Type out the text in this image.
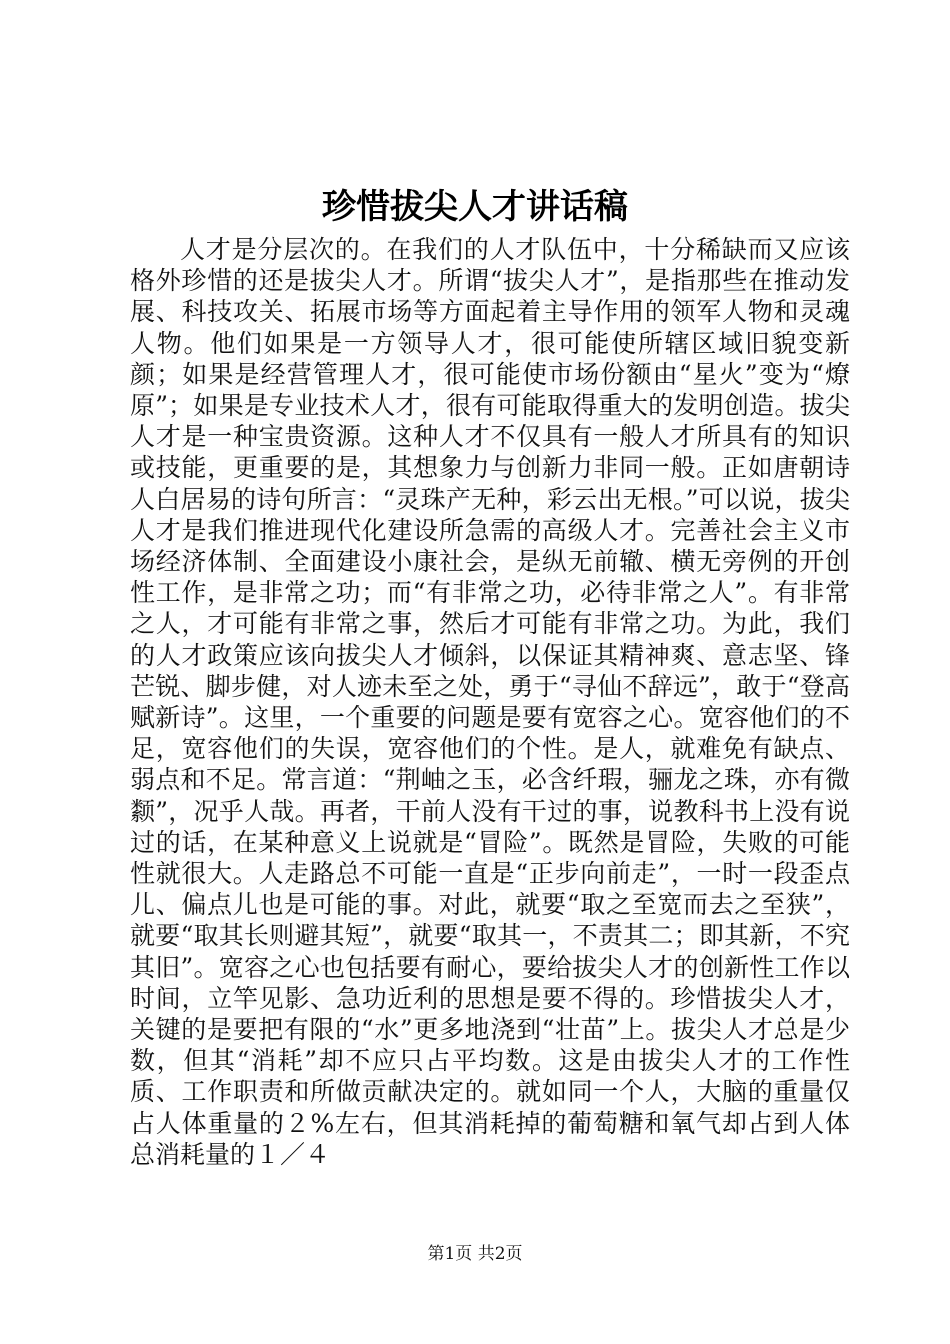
珍惜拔尖人才讲话稿

人才是分层次的。在我们的人才队伍中，十分稀缺而又应该格外珍惜的还是拔尖人才。所谓“拔尖人才”，是指那些在推动发展、科技攻关、拓展市场等方面起着主导作用的领军人物和灵魂人物。他们如果是一方领导人才，很可能使所辖区域旧貌变新颜；如果是经营管理人才，很可能使市场份额由“星火”变为“燎原”；如果是专业技术人才，很有可能取得重大的发明创造。拔尖人才是一种宝贵资源。这种人才不仅具有一般人才所具有的知识或技能，更重要的是，其想象力与创新力非同一般。正如唐朝诗人白居易的诗句所言：“灵珠产无种，彩云出无根。”可以说，拔尖人才是我们推进现代化建设所急需的高级人才。完善社会主义市场经济体制、全面建设小康社会，是纵无前辙、横无旁例的开创性工作，是非常之功；而“有非常之功，必待非常之人”。有非常之人，才可能有非常之事，然后才可能有非常之功。为此，我们的人才政策应该向拔尖人才倾斜，以保证其精神爽、意志坚、锋芒锐、脚步健，对人迹未至之处，勇于“寻仙不辞远”，敢于“登高赋新诗”。这里，一个重要的问题是要有宽容之心。宽容他们的不足，宽容他们的失误，宽容他们的个性。是人，就难免有缺点、弱点和不足。常言道：“荆岫之玉，必含纤瑕，骊龙之珠，亦有微颣”，况乎人哉。再者，干前人没有干过的事，说教科书上没有说过的话，在某种意义上说就是“冒险”。既然是冒险，失败的可能性就很大。人走路总不可能一直是“正步向前走”，一时一段歪点儿、偏点儿也是可能的事。对此，就要“取之至宽而去之至狭”，就要“取其长则避其短”，就要“取其一，不责其二；即其新，不究其旧”。宽容之心也包括要有耐心，要给拔尖人才的创新性工作以时间，立竿见影、急功近利的思想是要不得的。珍惜拔尖人才，关键的是要把有限的“水”更多地浇到“壮苗”上。拔尖人才总是少数，但其“消耗”却不应只占平均数。这是由拔尖人才的工作性质、工作职责和所做贡献决定的。就如同一个人，大脑的重量仅占人体重量的２%左右，但其消耗掉的葡萄糖和氧气却占到人体总消耗量的１／４

第1页 共2页
